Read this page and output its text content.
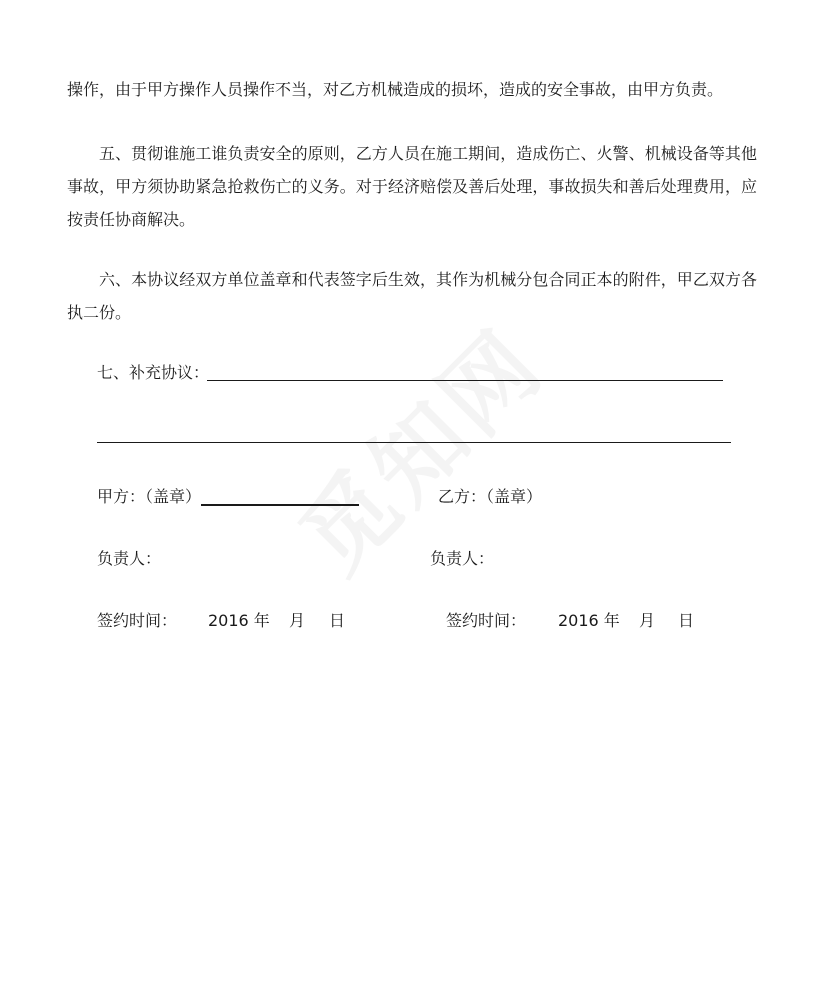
操作，由于甲方操作人员操作不当，对乙方机械造成的损坏，造成的安全事故，由甲方负责。

五、贯彻谁施工谁负责安全的原则，乙方人员在施工期间，造成伤亡、火警、机械设备等其他事故，甲方须协助紧急抢救伤亡的义务。对于经济赔偿及善后处理，事故损失和善后处理费用，应按责任协商解决。

六、本协议经双方单位盖章和代表签字后生效，其作为机械分包合同正本的附件，甲乙双方各执二份。

七、补充协议：
甲方：（盖章）	乙方：（盖章）
负责人：	负责人：
签约时间： 2016 年 月 日	签约时间： 2016 年 月 日
